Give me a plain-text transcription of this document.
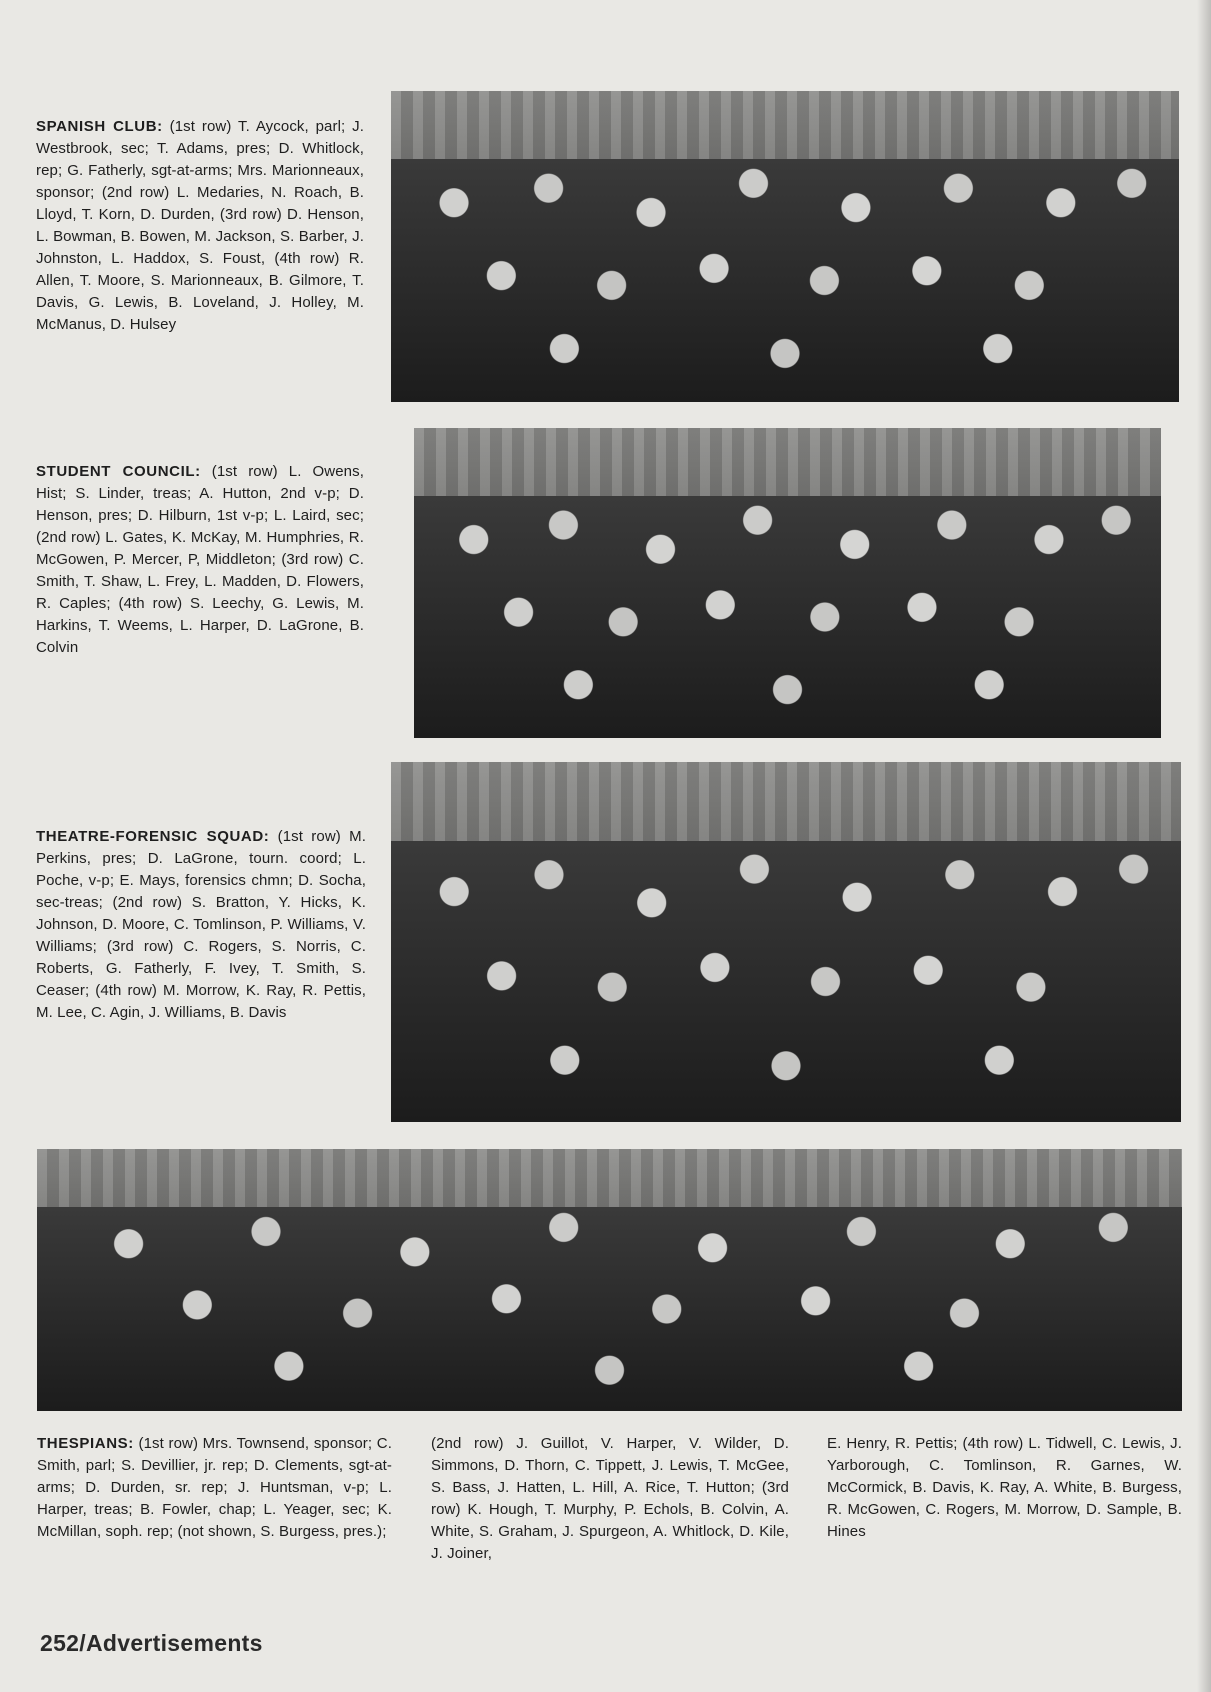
SPANISH CLUB: (1st row) T. Aycock, parl; J. Westbrook, sec; T. Adams, pres; D. Whitlock, rep; G. Fatherly, sgt-at-arms; Mrs. Marionneaux, sponsor; (2nd row) L. Medaries, N. Roach, B. Lloyd, T. Korn, D. Durden, (3rd row) D. Henson, L. Bowman, B. Bowen, M. Jackson, S. Barber, J. Johnston, L. Haddox, S. Foust, (4th row) R. Allen, T. Moore, S. Marionneaux, B. Gilmore, T. Davis, G. Lewis, B. Loveland, J. Holley, M. McManus, D. Hulsey
STUDENT COUNCIL: (1st row) L. Owens, Hist; S. Linder, treas; A. Hutton, 2nd v-p; D. Henson, pres; D. Hilburn, 1st v-p; L. Laird, sec; (2nd row) L. Gates, K. McKay, M. Humphries, R. McGowen, P. Mercer, P, Middleton; (3rd row) C. Smith, T. Shaw, L. Frey, L. Madden, D. Flowers, R. Caples; (4th row) S. Leechy, G. Lewis, M. Harkins, T. Weems, L. Harper, D. LaGrone, B. Colvin
THEATRE-FORENSIC SQUAD: (1st row) M. Perkins, pres; D. LaGrone, tourn. coord; L. Poche, v-p; E. Mays, forensics chmn; D. Socha, sec-treas; (2nd row) S. Bratton, Y. Hicks, K. Johnson, D. Moore, C. Tomlinson, P. Williams, V. Williams; (3rd row) C. Rogers, S. Norris, C. Roberts, G. Fatherly, F. Ivey, T. Smith, S. Ceaser; (4th row) M. Morrow, K. Ray, R. Pettis, M. Lee, C. Agin, J. Williams, B. Davis
THESPIANS: (1st row) Mrs. Townsend, sponsor; C. Smith, parl; S. Devillier, jr. rep; D. Clements, sgt-at-arms; D. Durden, sr. rep; J. Huntsman, v-p; L. Harper, treas; B. Fowler, chap; L. Yeager, sec; K. McMillan, soph. rep; (not shown, S. Burgess, pres.);
(2nd row) J. Guillot, V. Harper, V. Wilder, D. Simmons, D. Thorn, C. Tippett, J. Lewis, T. McGee, S. Bass, J. Hatten, L. Hill, A. Rice, T. Hutton; (3rd row) K. Hough, T. Murphy, P. Echols, B. Colvin, A. White, S. Graham, J. Spurgeon, A. Whitlock, D. Kile, J. Joiner,
E. Henry, R. Pettis; (4th row) L. Tidwell, C. Lewis, J. Yarborough, C. Tomlinson, R. Garnes, W. McCormick, B. Davis, K. Ray, A. White, B. Burgess, R. McGowen, C. Rogers, M. Morrow, D. Sample, B. Hines
252/Advertisements
